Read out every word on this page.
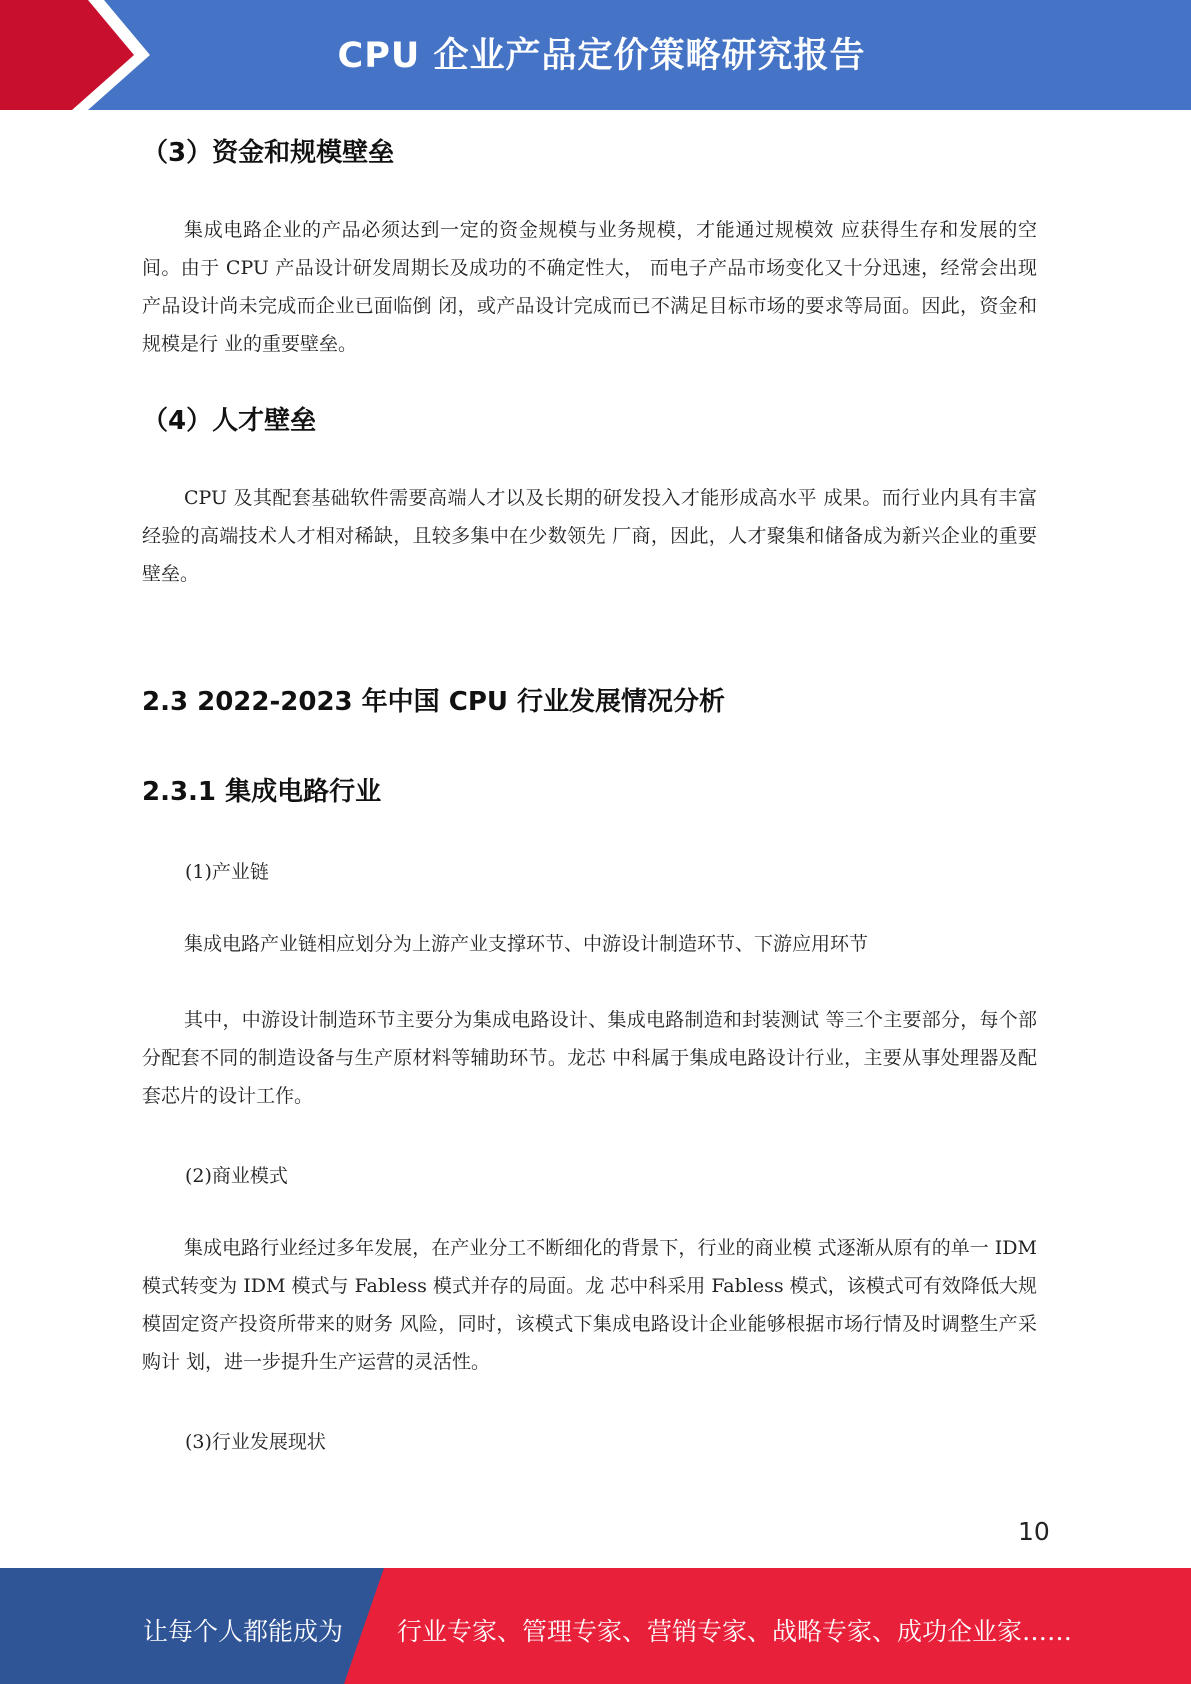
CPU 企业产品定价策略研究报告
（3）资金和规模壁垒
集成电路企业的产品必须达到一定的资金规模与业务规模，才能通过规模效 应获得生存和发展的空间。由于 CPU 产品设计研发周期长及成功的不确定性大， 而电子产品市场变化又十分迅速，经常会出现产品设计尚未完成而企业已面临倒 闭，或产品设计完成而已不满足目标市场的要求等局面。因此，资金和规模是行 业的重要壁垒。
（4）人才壁垒
CPU 及其配套基础软件需要高端人才以及长期的研发投入才能形成高水平 成果。而行业内具有丰富经验的高端技术人才相对稀缺，且较多集中在少数领先 厂商，因此，人才聚集和储备成为新兴企业的重要壁垒。
2.3 2022-2023 年中国 CPU 行业发展情况分析
2.3.1 集成电路行业
(1)产业链
集成电路产业链相应划分为上游产业支撑环节、中游设计制造环节、下游应用环节
其中，中游设计制造环节主要分为集成电路设计、集成电路制造和封装测试 等三个主要部分，每个部分配套不同的制造设备与生产原材料等辅助环节。龙芯 中科属于集成电路设计行业，主要从事处理器及配套芯片的设计工作。
(2)商业模式
集成电路行业经过多年发展，在产业分工不断细化的背景下，行业的商业模 式逐渐从原有的单一 IDM 模式转变为 IDM 模式与 Fabless 模式并存的局面。龙 芯中科采用 Fabless 模式，该模式可有效降低大规模固定资产投资所带来的财务 风险，同时，该模式下集成电路设计企业能够根据市场行情及时调整生产采购计 划，进一步提升生产运营的灵活性。
(3)行业发展现状
10
让每个人都能成为 行业专家、管理专家、营销专家、战略专家、成功企业家……
